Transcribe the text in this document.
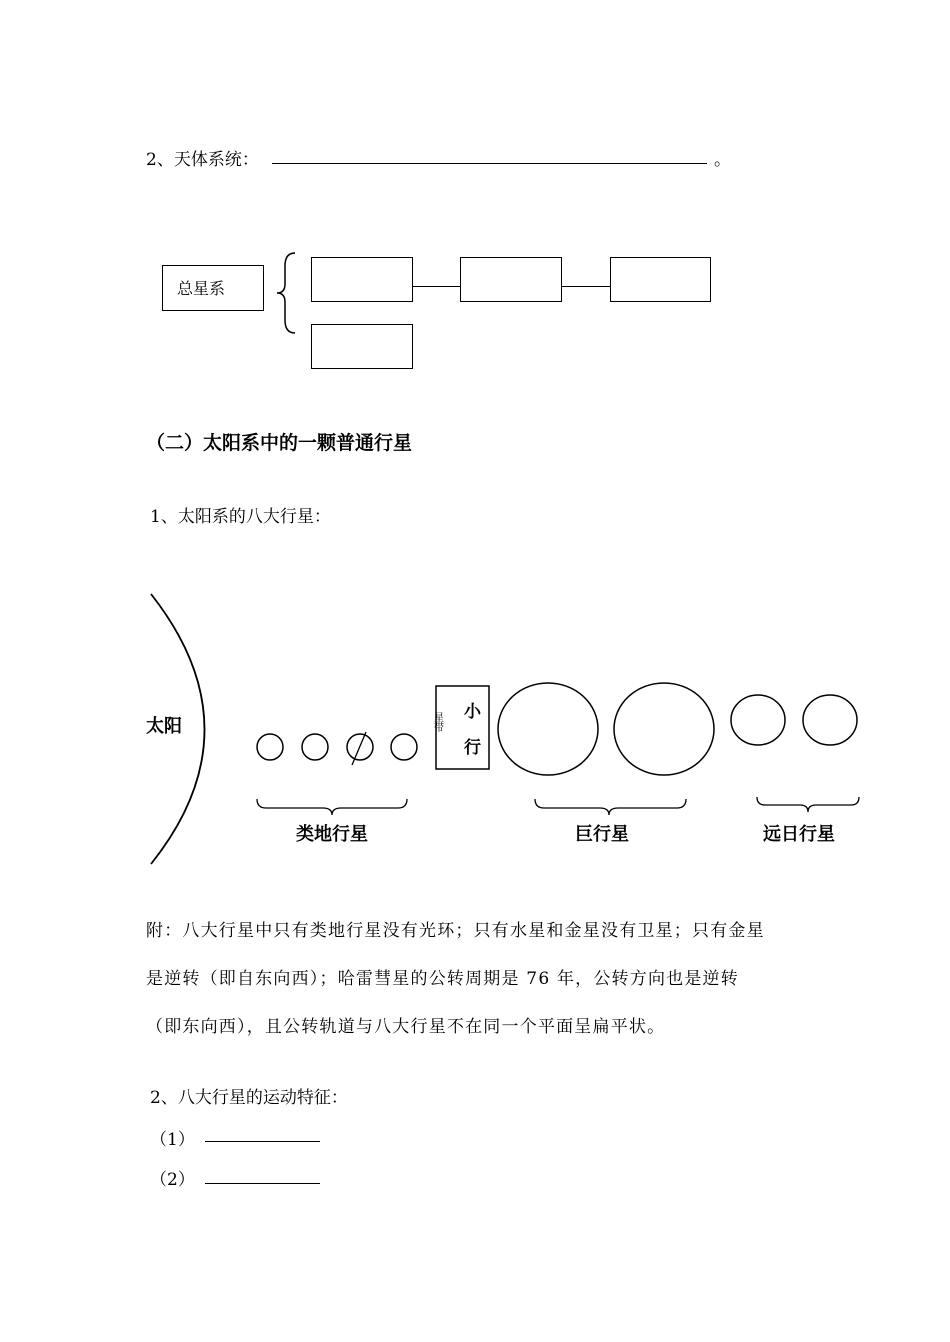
2、天体系统：	。
总星系
（二）太阳系中的一颗普通行星
1、太阳系的八大行星：
太阳	星带 小
行
类地行星	巨行星	远日行星
附：八大行星中只有类地行星没有光环；只有水星和金星没有卫星；只有金星
是逆转（即自东向西）；哈雷彗星的公转周期是 76 年，公转方向也是逆转
（即东向西），且公转轨道与八大行星不在同一个平面呈扁平状。
2、八大行星的运动特征：
（1）
（2）
